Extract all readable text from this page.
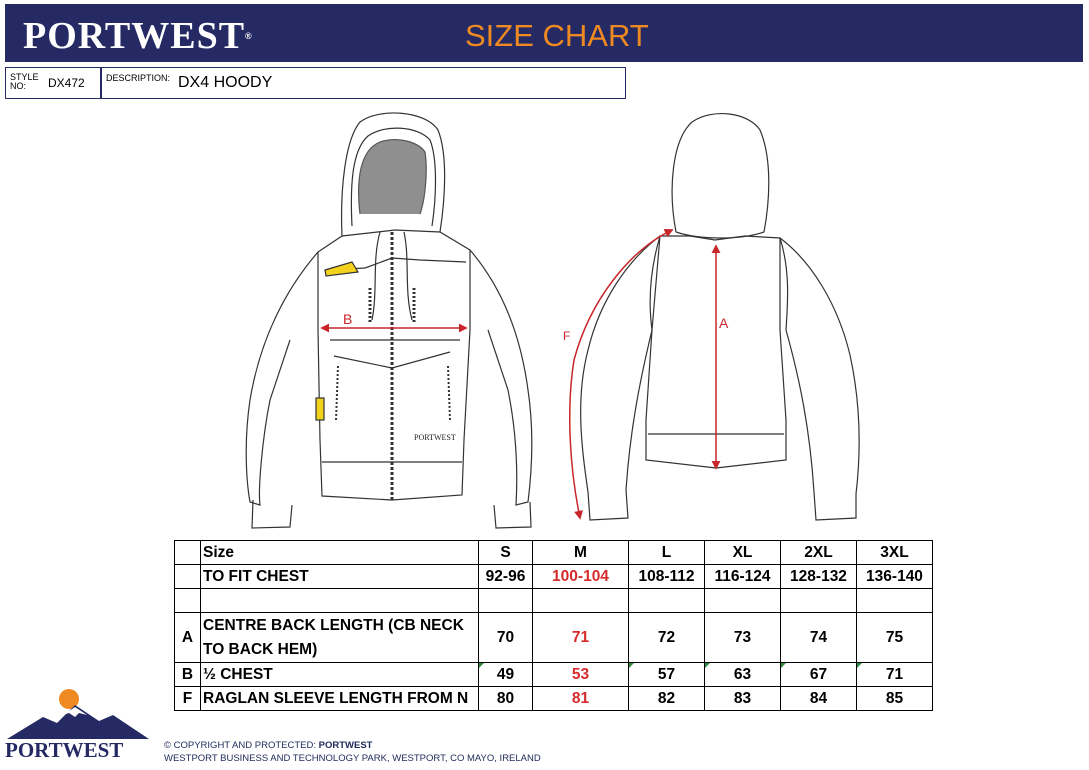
PORTWEST®	SIZE CHART
STYLE NO:	DX472 DESCRIPTION: DX4 HOODY
B
PORTWEST
A
F
	Size	S	M	L	XL	2XL	3XL
	TO FIT CHEST	92-96	100-104	108-112	116-124	128-132	136-140

A	CENTRE BACK LENGTH (CB NECK TO BACK HEM)	70	71	72	73	74	75
B	½ CHEST	49	53	57	63	67	71
F	RAGLAN SLEEVE LENGTH FROM N	80	81	82	83	84	85
PORTWEST	© COPYRIGHT AND PROTECTED: PORTWEST
WESTPORT BUSINESS AND TECHNOLOGY PARK, WESTPORT, CO MAYO, IRELAND
